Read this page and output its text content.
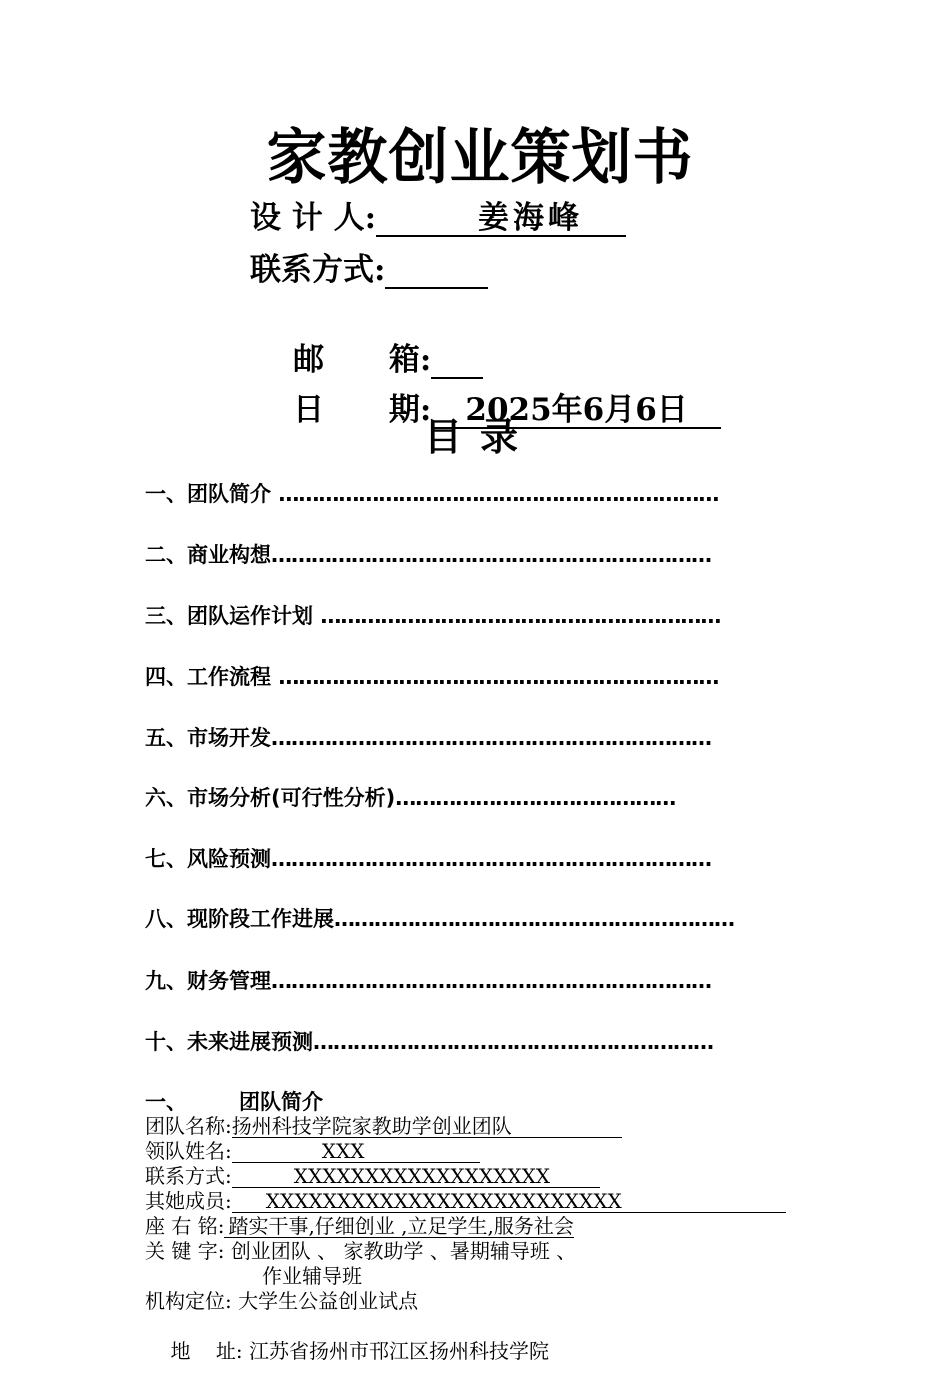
家教创业策划书
设 计 人:	姜海峰
联系方式:

邮      箱:

日      期: 2025年6月6日

目录
一、团队简介 …………………………………………………………
二、商业构想…………………………………………………………
三、团队运作计划 ……………………………………………………
四、工作流程 …………………………………………………………
五、市场开发…………………………………………………………
六、市场分析(可行性分析)……………………………………
七、风险预测…………………………………………………………
八、现阶段工作进展……………………………………………………
九、财务管理…………………………………………………………
十、未来进展预测……………………………………………………
一、 团队简介
团队名称:扬州科技学院家教助学创业团队
领队姓名:	XXX
联系方式:	XXXXXXXXXXXXXXXXXX
其她成员: XXXXXXXXXXXXXXXXXXXXXXXXX
座 右 铭: 踏实干事,仔细创业 ,立足学生,服务社会
关 键 字: 创业团队 、 家教助学 、暑期辅导班 、
作业辅导班
机构定位: 大学生公益创业试点

地    址: 江苏省扬州市邗江区扬州科技学院
